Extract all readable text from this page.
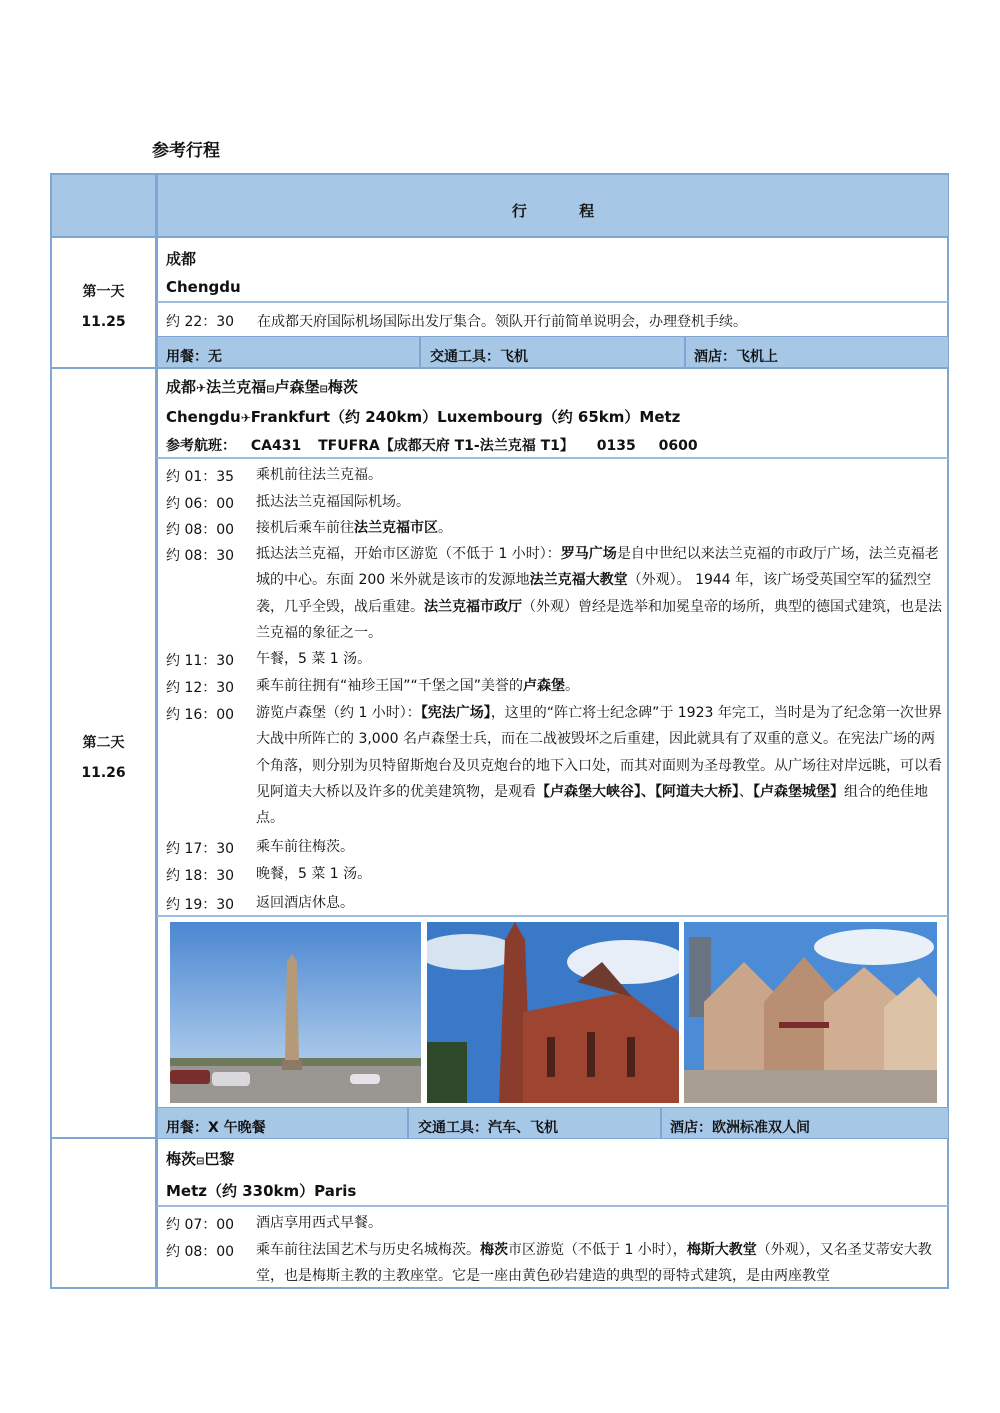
参考行程
行          程
第一天
11.25
成都
Chengdu
约 22：30 在成都天府国际机场国际出发厅集合。领队开行前简单说明会，办理登机手续。
用餐：无	交通工具：飞机	酒店：飞机上
第二天
11.26
成都✈法兰克福⊟卢森堡⊟梅茨
Chengdu✈Frankfurt（约 240km）Luxembourg（约 65km）Metz
参考航班： CA431 TFUFRA【成都天府 T1-法兰克福 T1】 0135 0600
约 01：35 乘机前往法兰克福。
约 06：00 抵达法兰克福国际机场。
约 08：00 接机后乘车前往法兰克福市区。
约 08：30 抵达法兰克福，开始市区游览（不低于 1 小时）：罗马广场是自中世纪以来法兰克福的市政厅广场，法兰克福老城的中心。东面 200 米外就是该市的发源地法兰克福大教堂（外观）。 1944 年，该广场受英国空军的猛烈空袭，几乎全毁，战后重建。法兰克福市政厅（外观）曾经是选举和加冕皇帝的场所，典型的德国式建筑，也是法兰克福的象征之一。
约 11：30 午餐，5 菜 1 汤。
约 12：30 乘车前往拥有“袖珍王国”“千堡之国”美誉的卢森堡。
约 16：00 游览卢森堡（约 1 小时）：【宪法广场】，这里的“阵亡将士纪念碑”于 1923 年完工，当时是为了纪念第一次世界大战中所阵亡的 3,000 名卢森堡士兵，而在二战被毁坏之后重建，因此就具有了双重的意义。在宪法广场的两个角落，则分别为贝特留斯炮台及贝克炮台的地下入口处，而其对面则为圣母教堂。从广场往对岸远眺，可以看见阿道夫大桥以及许多的优美建筑物，是观看【卢森堡大峡谷】、【阿道夫大桥】、【卢森堡城堡】组合的绝佳地点。
约 17：30 乘车前往梅茨。
约 18：30 晚餐，5 菜 1 汤。
约 19：30 返回酒店休息。
用餐：X 午晚餐	交通工具：汽车、飞机	酒店：欧洲标准双人间
梅茨⊟巴黎
Metz（约 330km）Paris
约 07：00 酒店享用西式早餐。
约 08：00 乘车前往法国艺术与历史名城梅茨。梅茨市区游览（不低于 1 小时），梅斯大教堂（外观），又名圣艾蒂安大教堂，也是梅斯主教的主教座堂。它是一座由黄色砂岩建造的典型的哥特式建筑，是由两座教堂
